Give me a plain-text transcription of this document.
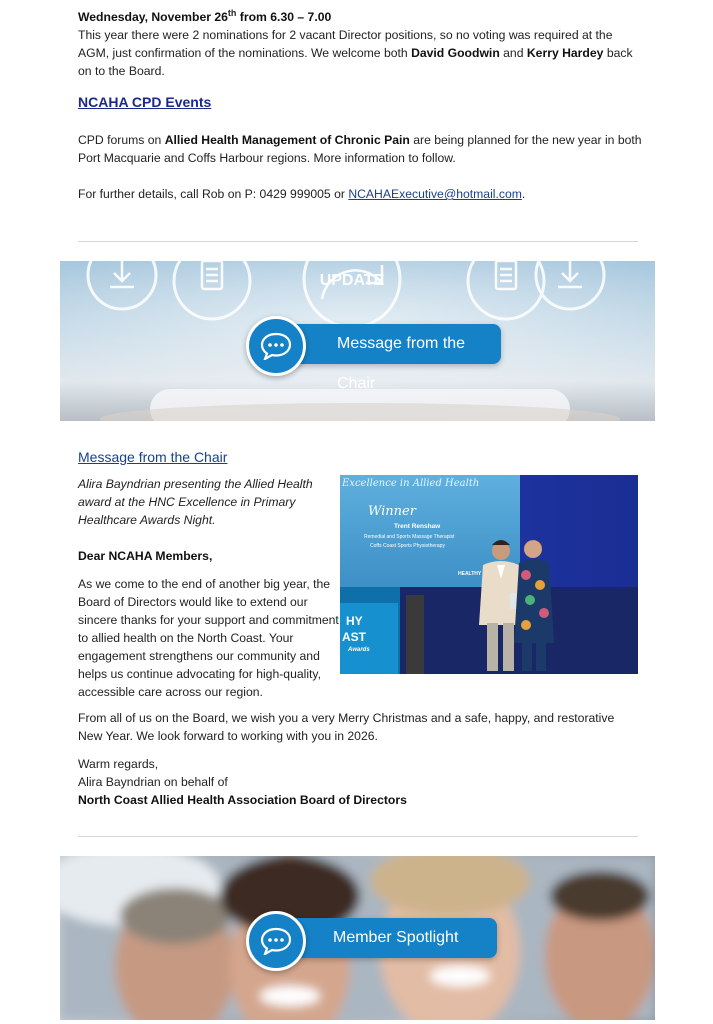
Wednesday, November 26th from 6.30 – 7.00

This year there were 2 nominations for 2 vacant Director positions, so no voting was required at the AGM, just confirmation of the nominations. We welcome both David Goodwin and Kerry Hardey back on to the Board.

NCAHA CPD Events

CPD forums on Allied Health Management of Chronic Pain are being planned for the new year in both Port Macquarie and Coffs Harbour regions. More information to follow.

For further details, call Rob on P: 0429 999005 or NCAHAExecutive@hotmail.com.

UPDATE
Message from the Chair
Message from the Chair

Alira Bayndrian presenting the Allied Health award at the HNC Excellence in Primary Healthcare Awards Night.

Dear NCAHA Members,

As we come to the end of another big year, the Board of Directors would like to extend our sincere thanks for your support and commitment to allied health on the North Coast. Your engagement strengthens our community and helps us continue advocating for high-quality, accessible care across our region.

Excellence in Allied Health
Winner
Trent Renshaw
Remedial and Sports Massage Therapist
Coffs Coast Sports Physiotherapy
HEALTHY
HY AST Awards

From all of us on the Board, we wish you a very Merry Christmas and a safe, happy, and restorative New Year. We look forward to working with you in 2026.

Warm regards,

Alira Bayndrian on behalf of

North Coast Allied Health Association Board of Directors

Member Spotlight
